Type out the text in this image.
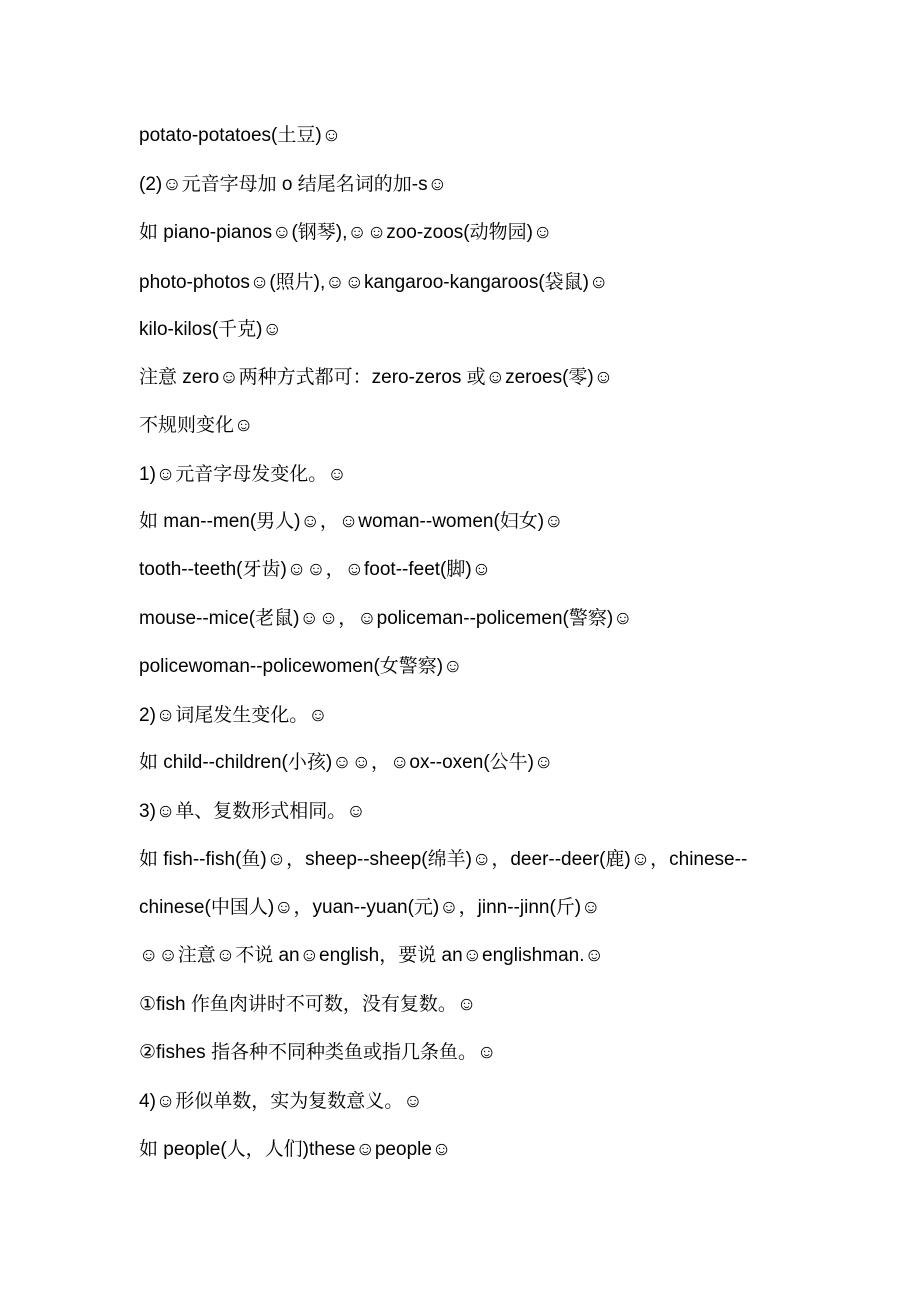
potato-potatoes(土豆)☺
(2)☺元音字母加 o 结尾名词的加-s☺
如 piano-pianos☺(钢琴),☺☺zoo-zoos(动物园)☺
photo-photos☺(照片),☺☺kangaroo-kangaroos(袋鼠)☺
kilo-kilos(千克)☺
注意 zero☺两种方式都可：zero-zeros 或☺zeroes(零)☺
不规则变化☺
1)☺元音字母发变化。☺
如 man--men(男人)☺，☺woman--women(妇女)☺
tooth--teeth(牙齿)☺☺，☺foot--feet(脚)☺
mouse--mice(老鼠)☺☺，☺policeman--policemen(警察)☺
policewoman--policewomen(女警察)☺
2)☺词尾发生变化。☺
如 child--children(小孩)☺☺，☺ox--oxen(公牛)☺
3)☺单、复数形式相同。☺
如 fish--fish(鱼)☺，sheep--sheep(绵羊)☺，deer--deer(鹿)☺，chinese--
chinese(中国人)☺，yuan--yuan(元)☺，jinn--jinn(斤)☺
☺☺注意☺不说 an☺english，要说 an☺englishman.☺
①fish 作鱼肉讲时不可数，没有复数。☺
②fishes 指各种不同种类鱼或指几条鱼。☺
4)☺形似单数，实为复数意义。☺
如 people(人，人们)these☺people☺
